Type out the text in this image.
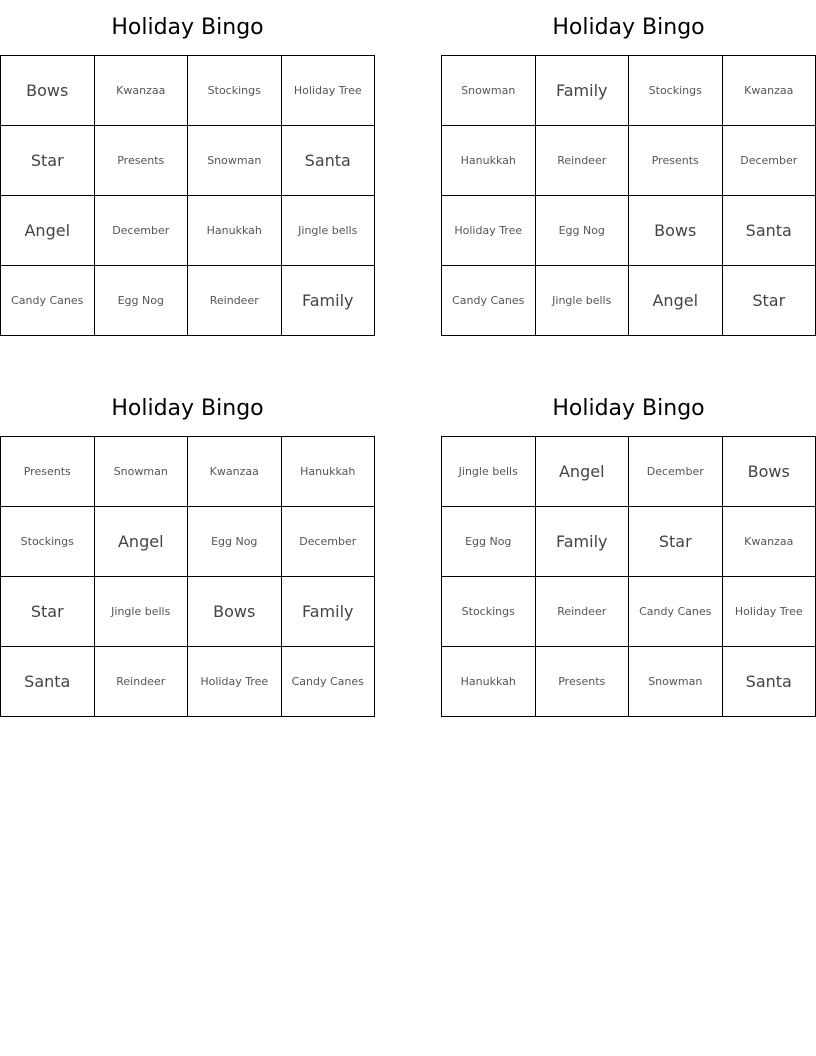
Holiday Bingo
Bows	Kwanzaa	Stockings	Holiday Tree
Star	Presents	Snowman	Santa
Angel	December	Hanukkah	Jingle bells
Candy Canes	Egg Nog	Reindeer	Family
Holiday Bingo
Snowman	Family	Stockings	Kwanzaa
Hanukkah	Reindeer	Presents	December
Holiday Tree	Egg Nog	Bows	Santa
Candy Canes	Jingle bells	Angel	Star
Holiday Bingo
Presents	Snowman	Kwanzaa	Hanukkah
Stockings	Angel	Egg Nog	December
Star	Jingle bells	Bows	Family
Santa	Reindeer	Holiday Tree	Candy Canes
Holiday Bingo
Jingle bells	Angel	December	Bows
Egg Nog	Family	Star	Kwanzaa
Stockings	Reindeer	Candy Canes	Holiday Tree
Hanukkah	Presents	Snowman	Santa
